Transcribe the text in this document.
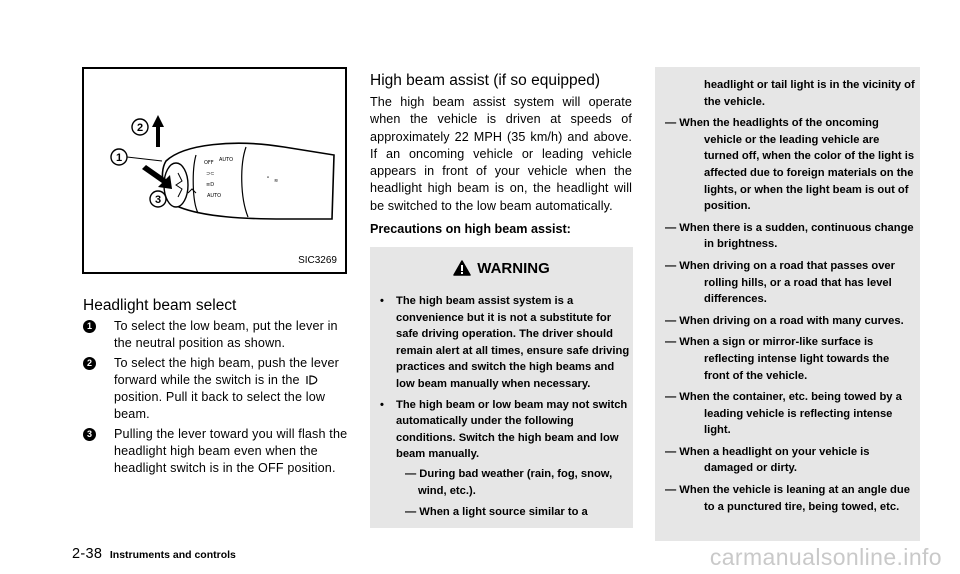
OFF AUTO
⊃⊂
≡D
AUTO
⚬ ≋
2
1
3
SIC3269
Headlight beam select
1	To select the low beam, put the lever in the neutral position as shown.
2	To select the high beam, push the lever forward while the switch is in the  position. Pull it back to select the low beam.
3	Pulling the lever toward you will flash the headlight high beam even when the headlight switch is in the OFF position.
High beam assist (if so equipped)

The high beam assist system will operate when the vehicle is driven at speeds of approximately 22 MPH (35 km/h) and above. If an oncoming vehicle or leading vehicle appears in front of your vehicle when the headlight high beam is on, the headlight will be switched to the low beam automatically.

Precautions on high beam assist:

WARNING
• The high beam assist system is a convenience but it is not a substitute for safe driving operation. The driver should remain alert at all times, ensure safe driving practices and switch the high beams and low beam manually when necessary.
• The high beam or low beam may not switch automatically under the following conditions. Switch the high beam and low beam manually.
— During bad weather (rain, fog, snow, wind, etc.).
— When a light source similar to a
headlight or tail light is in the vicinity of the vehicle.
— When the headlights of the oncoming vehicle or the leading vehicle are turned off, when the color of the light is affected due to foreign materials on the lights, or when the light beam is out of position.
— When there is a sudden, continuous change in brightness.
— When driving on a road that passes over rolling hills, or a road that has level differences.
— When driving on a road with many curves.
— When a sign or mirror-like surface is reflecting intense light towards the front of the vehicle.
— When the container, etc. being towed by a leading vehicle is reflecting intense light.
— When a headlight on your vehicle is damaged or dirty.
— When the vehicle is leaning at an angle due to a punctured tire, being towed, etc.
2-38 Instruments and controls	carmanualsonline.info
